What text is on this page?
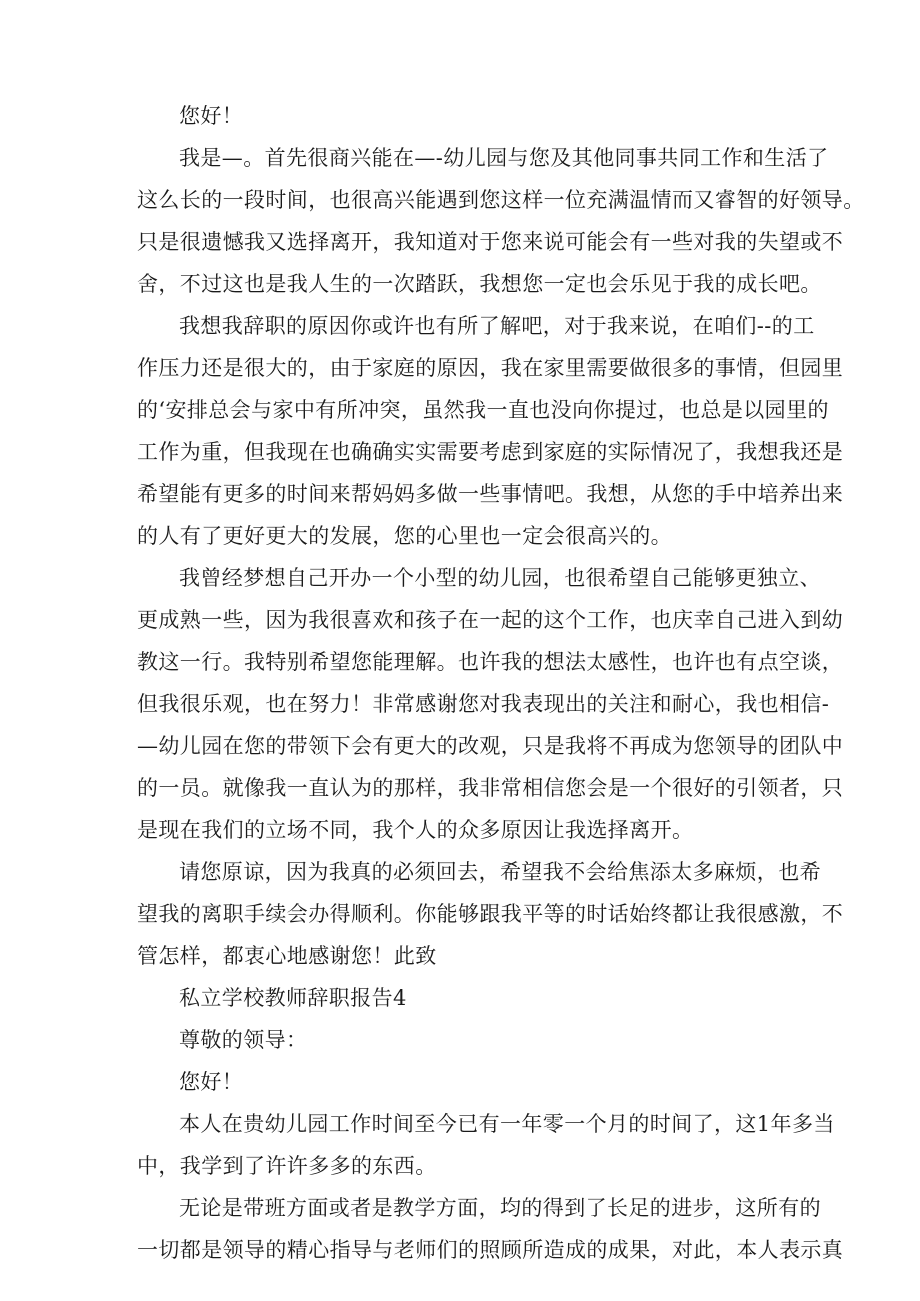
您好！
我是—。首先很商兴能在—-幼儿园与您及其他同事共同工作和生活了
这么长的一段时间，也很高兴能遇到您这样一位充满温情而又睿智的好领导。
只是很遗憾我又选择离开，我知道对于您来说可能会有一些对我的失望或不
舍，不过这也是我人生的一次踏跃，我想您一定也会乐见于我的成长吧。
我想我辞职的原因你或许也有所了解吧，对于我来说，在咱们--的工
作压力还是很大的，由于家庭的原因，我在家里需要做很多的事情，但园里
的‘安排总会与家中有所冲突，虽然我一直也没向你提过，也总是以园里的
工作为重，但我现在也确确实实需要考虑到家庭的实际情况了，我想我还是
希望能有更多的时间来帮妈妈多做一些事情吧。我想，从您的手中培养出来
的人有了更好更大的发展，您的心里也一定会很高兴的。
我曾经梦想自己开办一个小型的幼儿园，也很希望自己能够更独立、
更成熟一些，因为我很喜欢和孩子在一起的这个工作，也庆幸自己进入到幼
教这一行。我特别希望您能理解。也许我的想法太感性，也许也有点空谈，
但我很乐观，也在努力！非常感谢您对我表现出的关注和耐心，我也相信-
—幼儿园在您的带领下会有更大的改观，只是我将不再成为您领导的团队中
的一员。就像我一直认为的那样，我非常相信您会是一个很好的引领者，只
是现在我们的立场不同，我个人的众多原因让我选择离开。
请您原谅，因为我真的必须回去，希望我不会给焦添太多麻烦，也希
望我的离职手续会办得顺利。你能够跟我平等的时话始终都让我很感激，不
管怎样，都衷心地感谢您！此致
私立学校教师辞职报告4
尊敬的领导：
您好！
本人在贵幼儿园工作时间至今已有一年零一个月的时间了，这1年多当
中，我学到了许许多多的东西。
无论是带班方面或者是教学方面，均的得到了长足的进步，这所有的
一切都是领导的精心指导与老师们的照顾所造成的成果，对此，本人表示真
